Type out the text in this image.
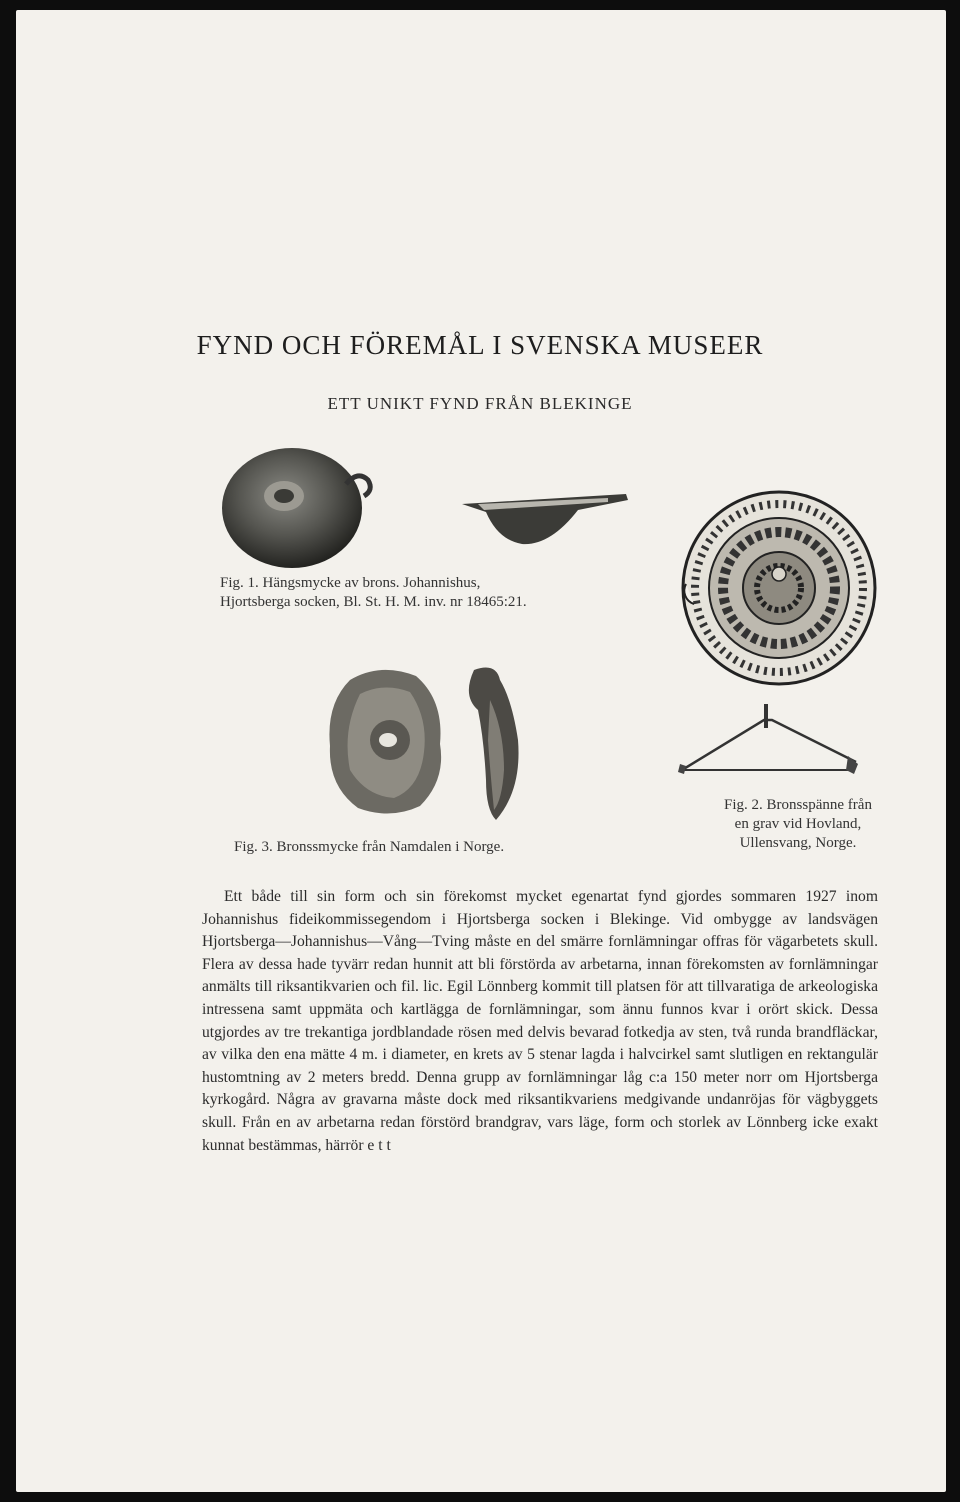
FYND OCH FÖREMÅL I SVENSKA MUSEER
ETT UNIKT FYND FRÅN BLEKINGE
Fig. 1. Hängsmycke av brons. Johannishus,
Hjortsberga socken, Bl. St. H. M. inv. nr 18465:21.
Fig. 2. Bronsspänne från
en grav vid Hovland,
Ullensvang, Norge.
Fig. 3. Bronssmycke från Namdalen i Norge.

Ett både till sin form och sin förekomst mycket egenartat fynd gjordes sommaren 1927 inom Johannishus fideikommissegendom i Hjortsberga socken i Blekinge. Vid ombygge av landsvägen Hjortsberga—Johannishus—Vång—Tving måste en del smärre fornlämningar offras för vägarbetets skull. Flera av dessa hade tyvärr redan hunnit att bli förstörda av arbetarna, innan förekomsten av fornlämningar anmälts till riksantikvarien och fil. lic. Egil Lönnberg kommit till platsen för att tillvaratiga de arkeologiska intressena samt uppmäta och kartlägga de fornlämningar, som ännu funnos kvar i orört skick. Dessa utgjordes av tre trekantiga jordblandade rösen med delvis bevarad fotkedja av sten, två runda brandfläckar, av vilka den ena mätte 4 m. i diameter, en krets av 5 stenar lagda i halvcirkel samt slutligen en rektangulär hustomtning av 2 meters bredd. Denna grupp av fornlämningar låg c:a 150 meter norr om Hjortsberga kyrkogård. Några av gravarna måste dock med riksantikvariens medgivande undanröjas för vägbyggets skull. Från en av arbetarna redan förstörd brandgrav, vars läge, form och storlek av Lönnberg icke exakt kunnat bestämmas, härrör e t t
